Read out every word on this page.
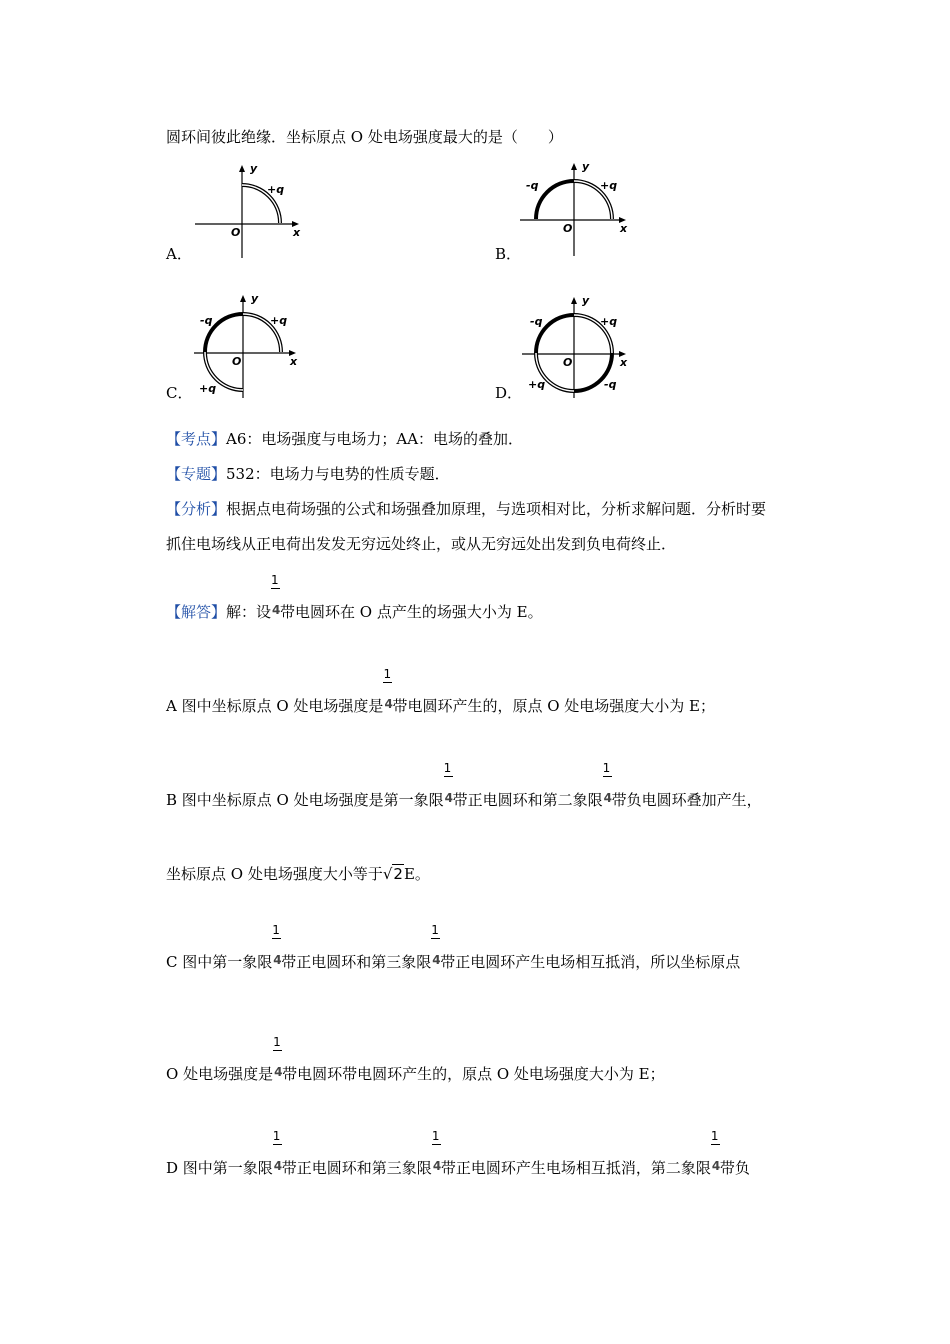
圆环间彼此绝缘．坐标原点 O 处电场强度最大的是（　　）
y
x
O
+q
A．
y
x
O
-q	+q
B．
y
x
O
-q	+q
+q
C．
y
x
O
-q	+q
+q	-q
D．
【考点】A6：电场强度与电场力；AA：电场的叠加．
【专题】532：电场力与电势的性质专题．
【分析】根据点电荷场强的公式和场强叠加原理，与选项相对比，分析求解问题．分析时要
抓住电场线从正电荷出发发无穷远处终止，或从无穷远处出发到负电荷终止．
【解答】解：设 $\frac{1}{4}$ 带电圆环在 O 点产生的场强大小为 E。
A 图中坐标原点 O 处电场强度是 $\frac{1}{4}$ 带电圆环产生的，原点 O 处电场强度大小为 E；
B 图中坐标原点 O 处电场强度是第一象限 $\frac{1}{4}$ 带正电圆环和第二象限 $\frac{1}{4}$ 带负电圆环叠加产生，
坐标原点 O 处电场强度大小等于√2E。
C 图中第一象限 $\frac{1}{4}$ 带正电圆环和第三象限 $\frac{1}{4}$ 带正电圆环产生电场相互抵消，所以坐标原点
O 处电场强度是 $\frac{1}{4}$ 带电圆环带电圆环产生的，原点 O 处电场强度大小为 E；
D 图中第一象限 $\frac{1}{4}$ 带正电圆环和第三象限 $\frac{1}{4}$ 带正电圆环产生电场相互抵消，第二象限 $\frac{1}{4}$ 带负
